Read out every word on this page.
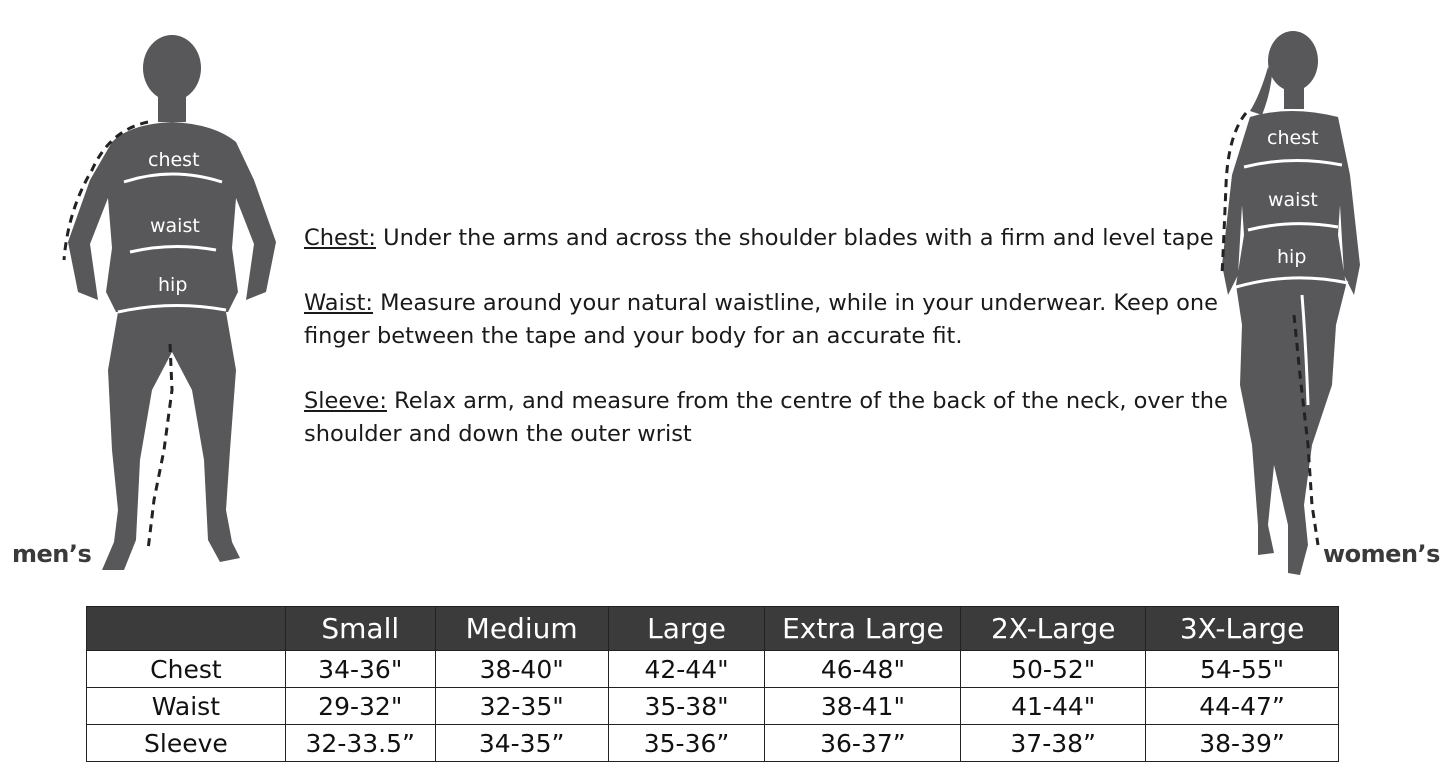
chest
waist
hip
men’s
chest
waist
hip
women’s
Chest: Under the arms and across the shoulder blades with a firm and level tape
Waist: Measure around your natural waistline, while in your underwear. Keep one finger between the tape and your body for an accurate fit.
Sleeve: Relax arm, and measure from the centre of the back of the neck, over the shoulder and down the outer wrist
	Small	Medium	Large	Extra Large	2X-Large	3X-Large
Chest	34-36"	38-40"	42-44"	46-48"	50-52"	54-55"
Waist	29-32"	32-35"	35-38"	38-41"	41-44"	44-47”
Sleeve	32-33.5”	34-35”	35-36”	36-37”	37-38”	38-39”
